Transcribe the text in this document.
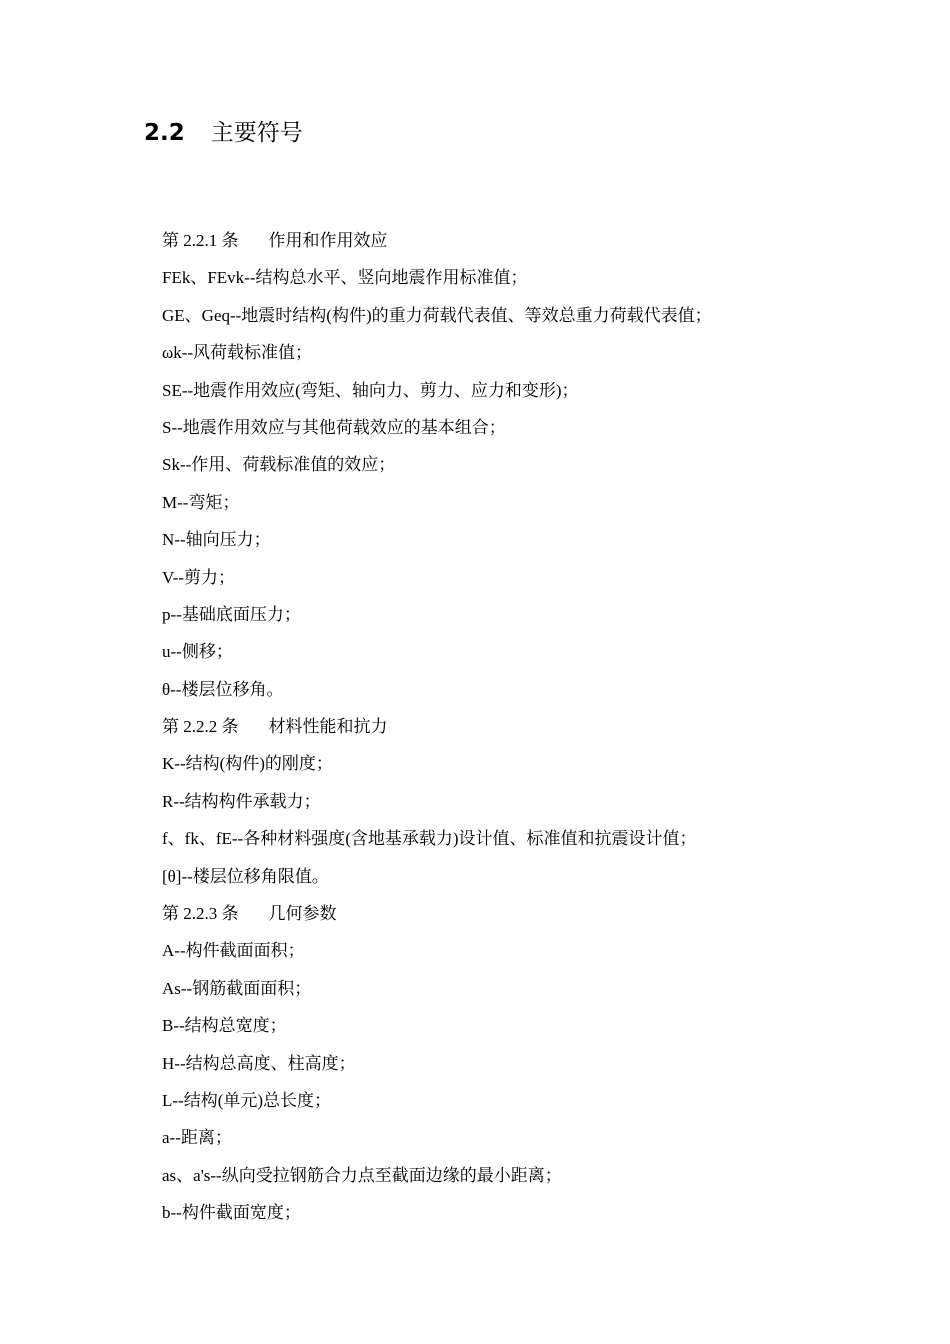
2.2 主要符号
第 2.2.1 条 作用和作用效应
FEk、FEvk--结构总水平、竖向地震作用标准值；
GE、Geq--地震时结构(构件)的重力荷载代表值、等效总重力荷载代表值；
ωk--风荷载标准值；
SE--地震作用效应(弯矩、轴向力、剪力、应力和变形)；
S--地震作用效应与其他荷载效应的基本组合；
Sk--作用、荷载标准值的效应；
M--弯矩；
N--轴向压力；
V--剪力；
p--基础底面压力；
u--侧移；
θ--楼层位移角。
第 2.2.2 条 材料性能和抗力
K--结构(构件)的刚度；
R--结构构件承载力；
f、fk、fE--各种材料强度(含地基承载力)设计值、标准值和抗震设计值；
[θ]--楼层位移角限值。
第 2.2.3 条 几何参数
A--构件截面面积；
As--钢筋截面面积；
B--结构总宽度；
H--结构总高度、柱高度；
L--结构(单元)总长度；
a--距离；
as、a's--纵向受拉钢筋合力点至截面边缘的最小距离；
b--构件截面宽度；
